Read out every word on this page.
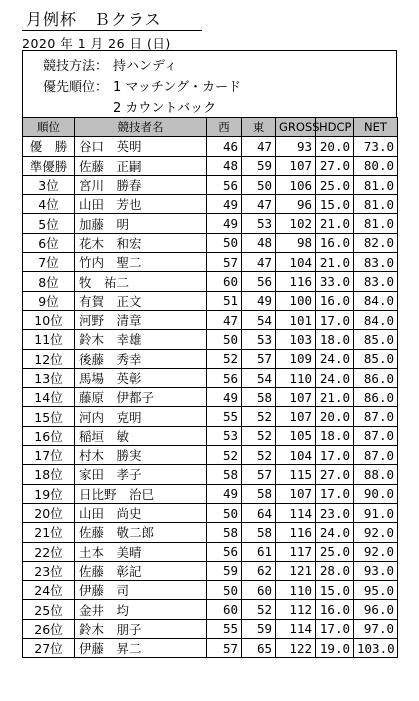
月例杯　Ｂクラス
2020 年 1 月 26 日 (日)
競技方法： 持ハンディ
優先順位： 1 マッチング・カード
2 カウントバック
順位	競技者名	西	東	GROSS	HDCP	NET
優　勝	谷口　英明	46	47	93	20.0	73.0
準優勝	佐藤　正嗣	48	59	107	27.0	80.0
3位	宮川　勝春	56	50	106	25.0	81.0
4位	山田　芳也	49	47	96	15.0	81.0
5位	加藤　明	49	53	102	21.0	81.0
6位	花木　和宏	50	48	98	16.0	82.0
7位	竹内　聖二	57	47	104	21.0	83.0
8位	牧　祐二	60	56	116	33.0	83.0
9位	有賀　正文	51	49	100	16.0	84.0
10位	河野　清章	47	54	101	17.0	84.0
11位	鈴木　幸雄	50	53	103	18.0	85.0
12位	後藤　秀幸	52	57	109	24.0	85.0
13位	馬場　英彰	56	54	110	24.0	86.0
14位	藤原　伊都子	49	58	107	21.0	86.0
15位	河内　克明	55	52	107	20.0	87.0
16位	稲垣　敏	53	52	105	18.0	87.0
17位	村木　勝実	52	52	104	17.0	87.0
18位	家田　孝子	58	57	115	27.0	88.0
19位	日比野　治巳	49	58	107	17.0	90.0
20位	山田　尚史	50	64	114	23.0	91.0
21位	佐藤　敬二郎	58	58	116	24.0	92.0
22位	土本　美晴	56	61	117	25.0	92.0
23位	佐藤　彰記	59	62	121	28.0	93.0
24位	伊藤　司	50	60	110	15.0	95.0
25位	金井　均	60	52	112	16.0	96.0
26位	鈴木　朋子	55	59	114	17.0	97.0
27位	伊藤　昇二	57	65	122	19.0	103.0
